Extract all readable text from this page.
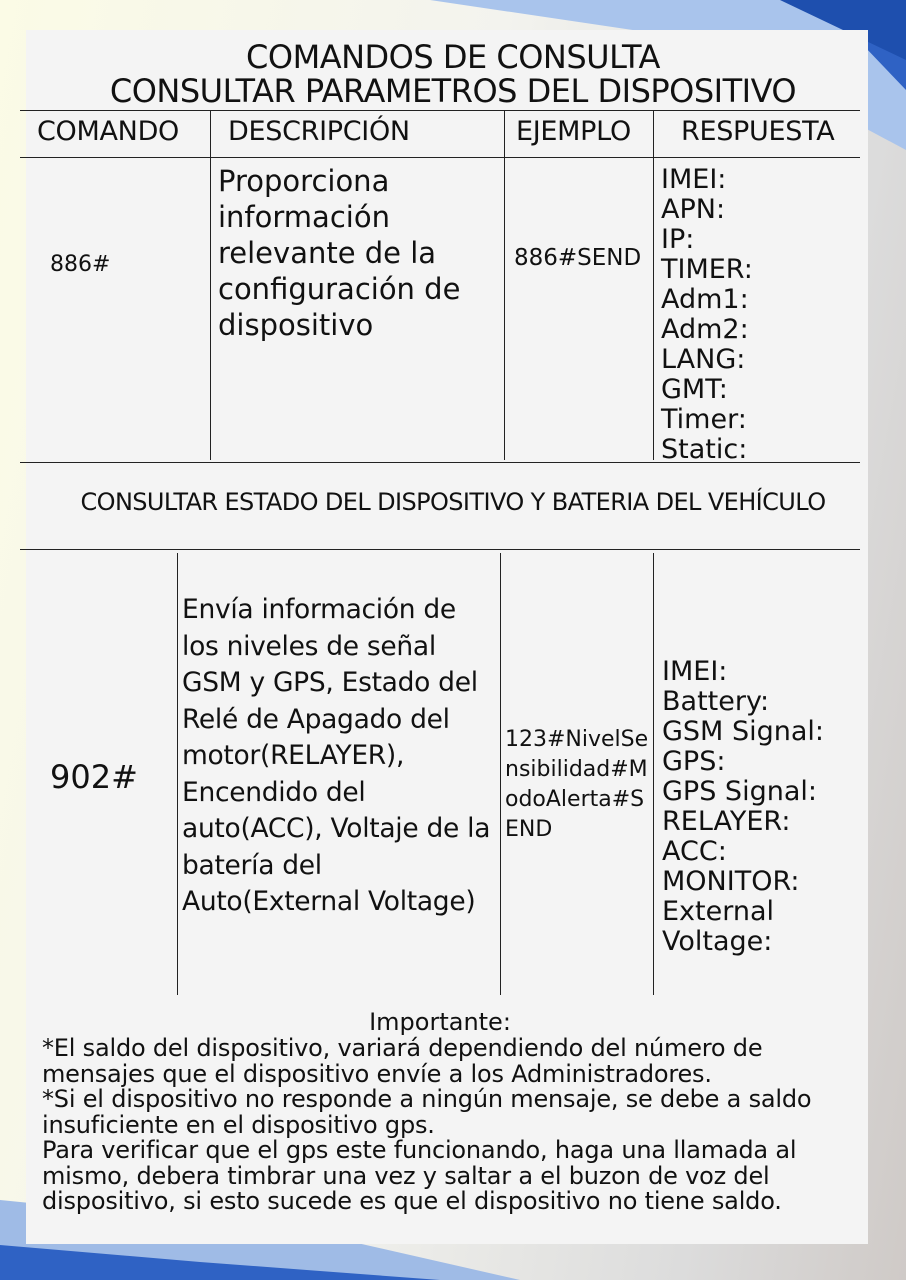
COMANDOS DE CONSULTA
CONSULTAR PARAMETROS DEL DISPOSITIVO
COMANDO DESCRIPCIÓN	EJEMPLO RESPUESTA
886#
Proporciona información relevante de la configuración de dispositivo
886#SEND
IMEI:
APN:
IP:
TIMER:
Adm1:
Adm2:
LANG:
GMT:
Timer:
Static:
CONSULTAR ESTADO DEL DISPOSITIVO Y BATERIA DEL VEHÍCULO
902#
Envía información de los niveles de señal GSM y GPS, Estado del Relé de Apagado del motor(RELAYER), Encendido del auto(ACC), Voltaje de la batería del Auto(External Voltage)
123#NivelSensibilidad#ModoAlerta#SEND
IMEI:
Battery:
GSM Signal:
GPS:
GPS Signal:
RELAYER:
ACC:
MONITOR:
External
Voltage:
Importante:
*El saldo del dispositivo, variará dependiendo del número de mensajes que el dispositivo envíe a los Administradores.
*Si el dispositivo no responde a ningún mensaje, se debe a saldo insuficiente en el dispositivo gps.
Para verificar que el gps este funcionando, haga una llamada al mismo, debera timbrar una vez y saltar a el buzon de voz del dispositivo, si esto sucede es que el dispositivo no tiene saldo.
